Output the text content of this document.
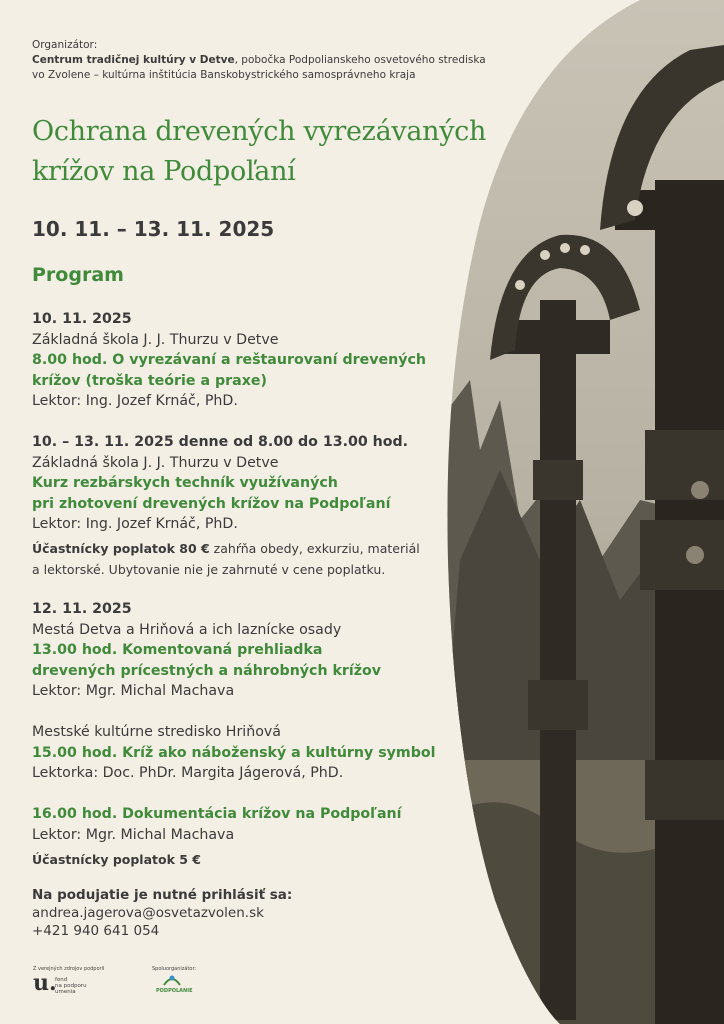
Organizátor:
Centrum tradičnej kultúry v Detve, pobočka Podpolianskeho osvetového strediska
vo Zvolene – kultúrna inštitúcia Banskobystrického samosprávneho kraja
Ochrana drevených vyrezávaných
krížov na Podpoľaní
10. 11. – 13. 11. 2025
Program
10. 11. 2025
Základná škola J. J. Thurzu v Detve
8.00 hod. O vyrezávaní a reštaurovaní drevených
krížov (troška teórie a praxe)
Lektor: Ing. Jozef Krnáč, PhD.
10. – 13. 11. 2025 denne od 8.00 do 13.00 hod.
Základná škola J. J. Thurzu v Detve
Kurz rezbárskych techník využívaných
pri zhotovení drevených krížov na Podpoľaní
Lektor: Ing. Jozef Krnáč, PhD.
Účastnícky poplatok 80 € zahŕňa obedy, exkurziu, materiál
a lektorské. Ubytovanie nie je zahrnuté v cene poplatku.
12. 11. 2025
Mestá Detva a Hriňová a ich laznícke osady
13.00 hod. Komentovaná prehliadka
drevených prícestných a náhrobných krížov
Lektor: Mgr. Michal Machava
Mestské kultúrne stredisko Hriňová
15.00 hod. Kríž ako náboženský a kultúrny symbol
Lektorka: Doc. PhDr. Margita Jágerová, PhD.
16.00 hod. Dokumentácia krížov na Podpoľaní
Lektor: Mgr. Michal Machava
Účastnícky poplatok 5 €
Na podujatie je nutné prihlásiť sa:
andrea.jagerova@osvetazvolen.sk
+421 940 641 054
Z verejných zdrojov podporil
u.
fond
na podporu
umenia
Spoluorganizátor:
PODPOLANIE
